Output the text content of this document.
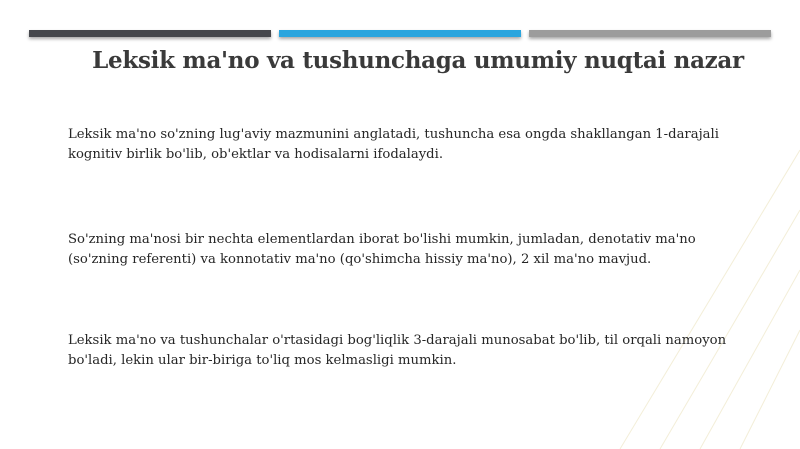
Leksik ma'no va tushunchaga umumiy nuqtai nazar

Leksik ma'no so'zning lug'aviy mazmunini anglatadi, tushuncha esa ongda shakllangan 1-darajali kognitiv birlik bo'lib, ob'ektlar va hodisalarni ifodalaydi.

So'zning ma'nosi bir nechta elementlardan iborat bo'lishi mumkin, jumladan, denotativ ma'no (so'zning referenti) va konnotativ ma'no (qo'shimcha hissiy ma'no), 2 xil ma'no mavjud.

Leksik ma'no va tushunchalar o'rtasidagi bog'liqlik 3-darajali munosabat bo'lib, til orqali namoyon bo'ladi, lekin ular bir-biriga to'liq mos kelmasligi mumkin.
